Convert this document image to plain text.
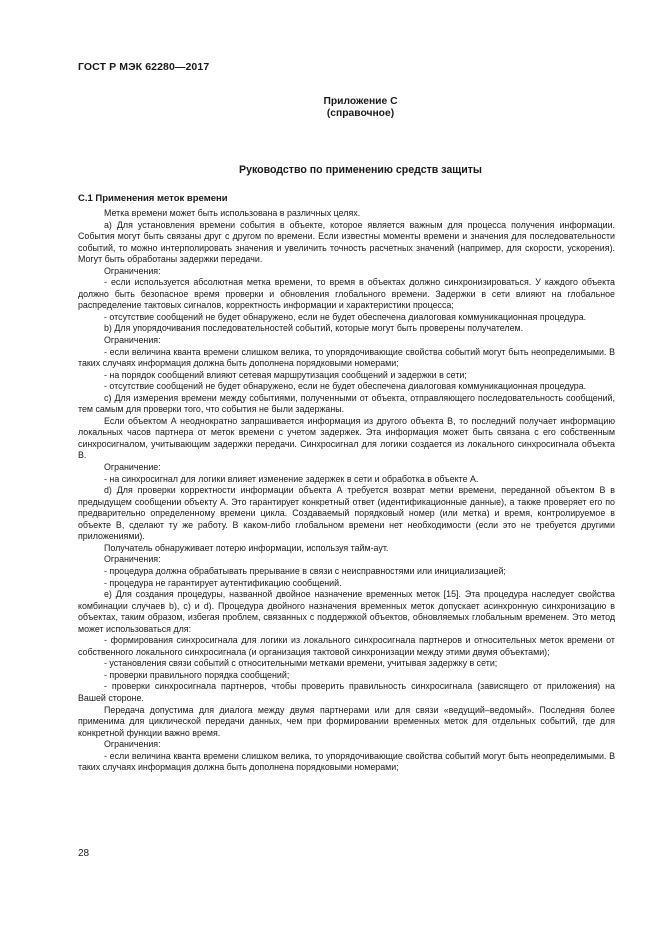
ГОСТ Р МЭК 62280—2017
Приложение С
(справочное)
Руководство по применению средств защиты
С.1 Применения меток времени

Метка времени может быть использована в различных целях.

а) Для установления времени события в объекте, которое является важным для процесса получения информации. События могут быть связаны друг с другом по времени. Если известны моменты времени и значения для последовательности событий, то можно интерполировать значения и увеличить точность расчетных значений (например, для скорости, ускорения). Могут быть обработаны задержки передачи.

Ограничения:

- если используется абсолютная метка времени, то время в объектах должно синхронизироваться. У каждого объекта должно быть безопасное время проверки и обновления глобального времени. Задержки в сети влияют на глобальное распределение тактовых сигналов, корректность информации и характеристики процесса;

- отсутствие сообщений не будет обнаружено, если не будет обеспечена диалоговая коммуникационная процедура.

b) Для упорядочивания последовательностей событий, которые могут быть проверены получателем.

Ограничения:

- если величина кванта времени слишком велика, то упорядочивающие свойства событий могут быть неопределимыми. В таких случаях информация должна быть дополнена порядковыми номерами;

- на порядок сообщений влияют сетевая маршрутизация сообщений и задержки в сети;

- отсутствие сообщений не будет обнаружено, если не будет обеспечена диалоговая коммуникационная процедура.

с) Для измерения времени между событиями, полученными от объекта, отправляющего последовательность сообщений, тем самым для проверки того, что события не были задержаны.

Если объектом А неоднократно запрашивается информация из другого объекта В, то последний получает информацию локальных часов партнера от меток времени с учетом задержек. Эта информация может быть связана с его собственным синхросигналом, учитывающим задержки передачи. Синхросигнал для логики создается из локального синхросигнала объекта В.

Ограничение:

- на синхросигнал для логики влияет изменение задержек в сети и обработка в объекте А.

d) Для проверки корректности информации объекта А требуется возврат метки времени, переданной объектом В в предыдущем сообщении объекту А. Это гарантирует конкретный ответ (идентификационные данные), а также проверяет его по предварительно определенному времени цикла. Создаваемый порядковый номер (или метка) и время, контролируемое в объекте В, сделают ту же работу. В каком-либо глобальном времени нет необходимости (если это не требуется другими приложениями).

Получатель обнаруживает потерю информации, используя тайм-аут.

Ограничения:

- процедура должна обрабатывать прерывание в связи с неисправностями или инициализацией;

- процедура не гарантирует аутентификацию сообщений.

е) Для создания процедуры, названной двойное назначение временных меток [15]. Эта процедура наследует свойства комбинации случаев b), с) и d). Процедура двойного назначения временных меток допускает асинхронную синхронизацию в объектах, таким образом, избегая проблем, связанных с поддержкой объектов, обновляемых глобальным временем. Это метод может использоваться для:

- формирования синхросигнала для логики из локального синхросигнала партнеров и относительных меток времени от собственного локального синхросигнала (и организация тактовой синхронизации между этими двумя объектами);

- установления связи событий с относительными метками времени, учитывая задержку в сети;

- проверки правильного порядка сообщений;

- проверки синхросигнала партнеров, чтобы проверить правильность синхросигнала (зависящего от приложения) на Вашей стороне.

Передача допустима для диалога между двумя партнерами или для связи «ведущий–ведомый». Последняя более применима для циклической передачи данных, чем при формировании временных меток для отдельных событий, где для конкретной функции важно время.

Ограничения:

- если величина кванта времени слишком велика, то упорядочивающие свойства событий могут быть неопределимыми. В таких случаях информация должна быть дополнена порядковыми номерами;

28
